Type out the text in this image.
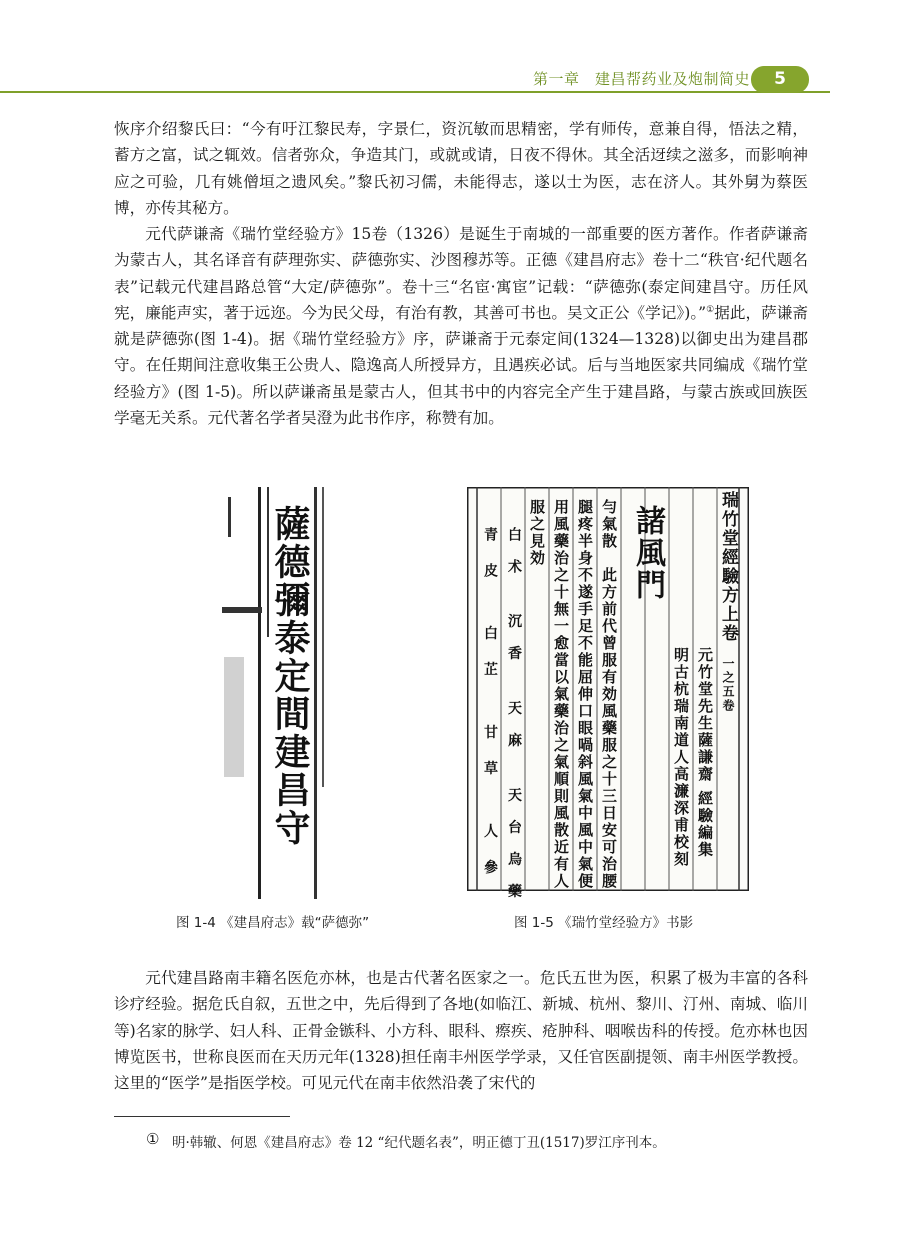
第一章　建昌帮药业及炮制简史	5

恢序介绍黎氏曰：“今有吁江黎民寿，字景仁，资沉敏而思精密，学有师传，意兼自得，悟法之精，蓄方之富，试之辄效。信者弥众，争造其门，或就或请，日夜不得休。其全活迓续之滋多，而影响神应之可验，几有姚僧垣之遗风矣。”黎氏初习儒，未能得志，遂以士为医，志在济人。其外舅为蔡医博，亦传其秘方。

元代萨谦斋《瑞竹堂经验方》15卷（1326）是诞生于南城的一部重要的医方著作。作者萨谦斋为蒙古人，其名译音有萨理弥实、萨德弥实、沙图穆苏等。正德《建昌府志》卷十二“秩官·纪代题名表”记载元代建昌路总管“大定/萨德弥”。卷十三“名宦·寓宦”记载：“萨德弥(泰定间建昌守。历任风宪，廉能声实，著于远迩。今为民父母，有治有教，其善可书也。吴文正公《学记》)。”①据此，萨谦斋就是萨德弥(图 1-4)。据《瑞竹堂经验方》序，萨谦斋于元泰定间(1324—1328)以御史出为建昌郡守。在任期间注意收集王公贵人、隐逸高人所授异方，且遇疾必试。后与当地医家共同编成《瑞竹堂经验方》(图 1-5)。所以萨谦斋虽是蒙古人，但其书中的内容完全产生于建昌路，与蒙古族或回族医学毫无关系。元代著名学者吴澄为此书作序，称赞有加。

薩德彌泰定間建昌守	瑞竹堂經驗方上卷
一之五卷
元竹堂先生薩謙齋 經驗編集
明古杭瑞南道人高濂深甫校刻
諸風門
勻氣散　此方前代曾服有効風藥服之十三日安可治腰
腿疼半身不遂手足不能屈伸口眼喎斜風氣中風中氣便
用風藥治之十無一愈當以氣藥治之氣順則風散近有人
服之見効
白术 沉香 天麻 天台烏藥
青皮 白芷 甘草 人參
图 1-4 《建昌府志》载“萨德弥”	图 1-5 《瑞竹堂经验方》书影

元代建昌路南丰籍名医危亦林，也是古代著名医家之一。危氏五世为医，积累了极为丰富的各科诊疗经验。据危氏自叙，五世之中，先后得到了各地(如临江、新城、杭州、黎川、汀州、南城、临川等)名家的脉学、妇人科、正骨金镞科、小方科、眼科、瘵疾、疮肿科、咽喉齿科的传授。危亦林也因博览医书，世称良医而在天历元年(1328)担任南丰州医学学录，又任官医副提领、南丰州医学教授。这里的“医学”是指医学校。可见元代在南丰依然沿袭了宋代的

① 明·韩辙、何恩《建昌府志》卷 12 “纪代题名表”，明正德丁丑(1517)罗江序刊本。
